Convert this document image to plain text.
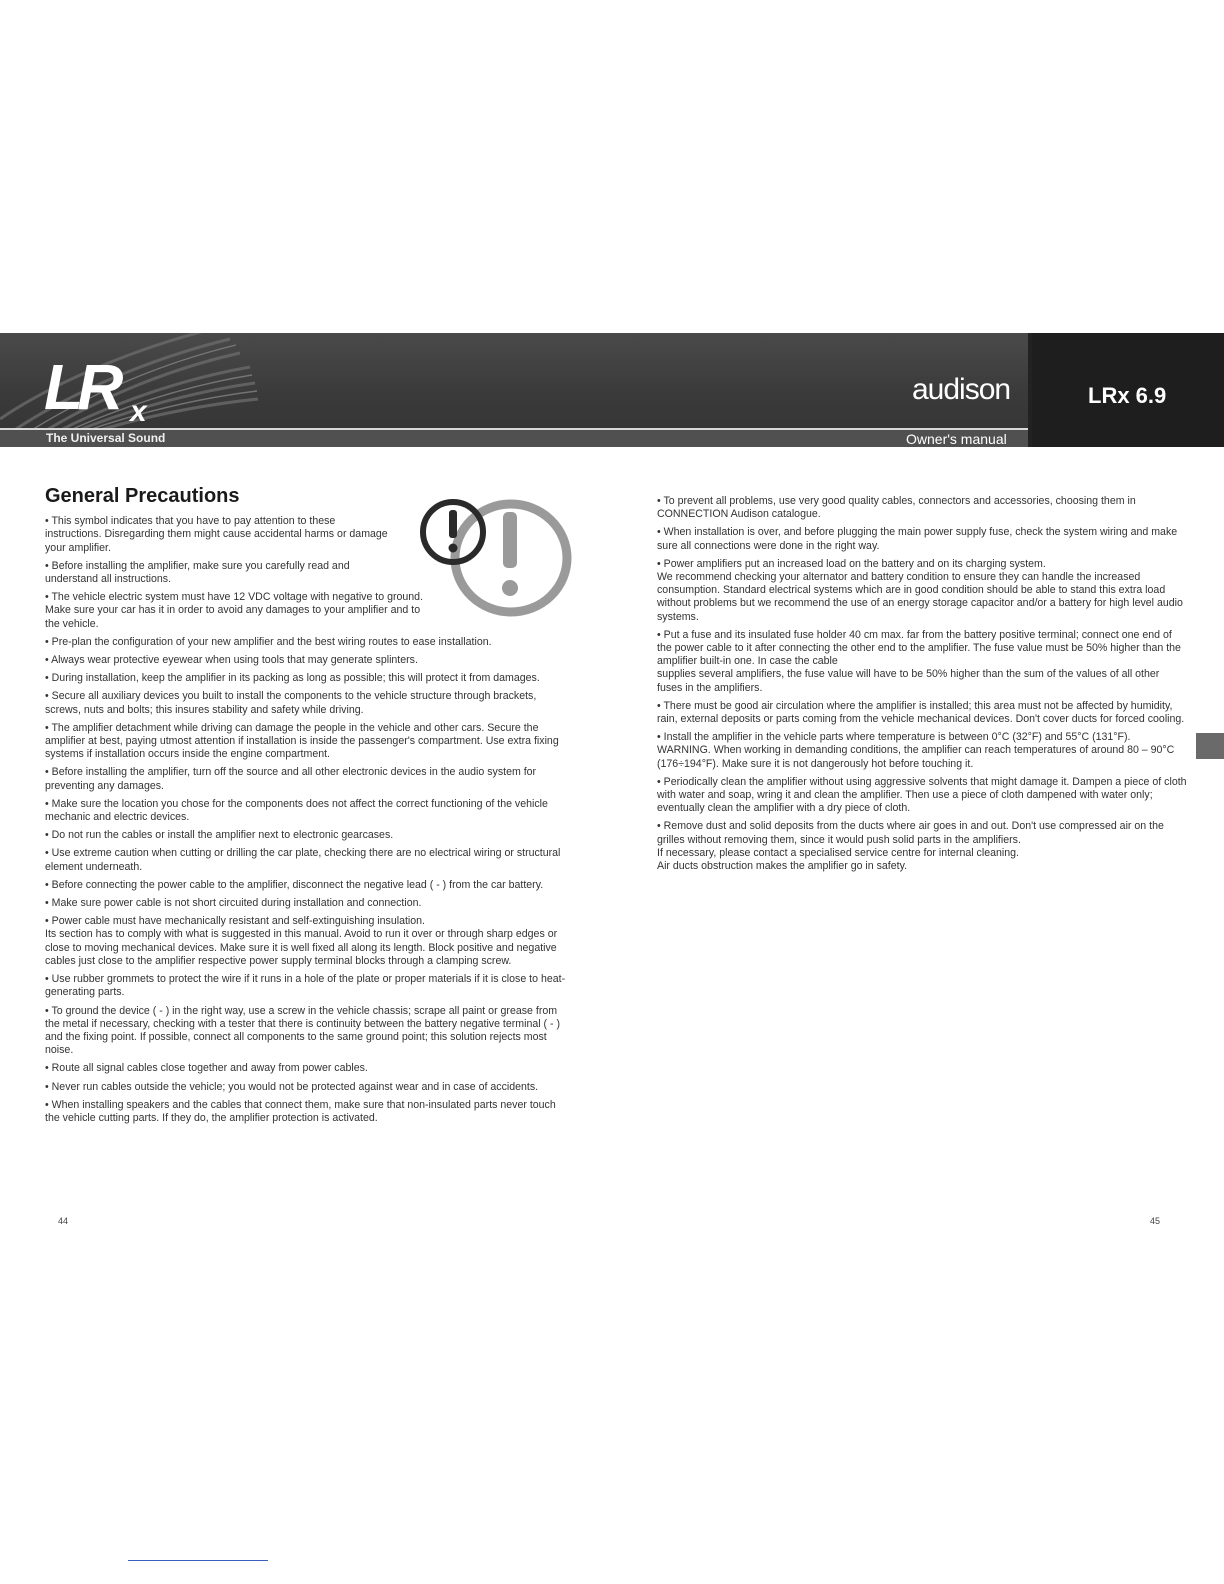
LR x
The Universal Sound
audison
Owner's manual
LRx 6.9
General Precautions
• This symbol indicates that you have to pay attention to these instructions. Disregarding them might cause accidental harms or damage your amplifier.
• Before installing the amplifier, make sure you carefully read and understand all instructions.
• The vehicle electric system must have 12 VDC voltage with negative to ground. Make sure your car has it in order to avoid any damages to your amplifier and to the vehicle.
• Pre-plan the configuration of your new amplifier and the best wiring routes to ease installation.
• Always wear protective eyewear when using tools that may generate splinters.
• During installation, keep the amplifier in its packing as long as possible; this will protect it from damages.
• Secure all auxiliary devices you built to install the components to the vehicle structure through brackets, screws, nuts and bolts; this insures stability and safety while driving.
• The amplifier detachment while driving can damage the people in the vehicle and other cars. Secure the amplifier at best, paying utmost attention if installation is inside the passenger's compartment. Use extra fixing systems if installation occurs inside the engine compartment.
• Before installing the amplifier, turn off the source and all other electronic devices in the audio system for preventing any damages.
• Make sure the location you chose for the components does not affect the correct functioning of the vehicle mechanic and electric devices.
• Do not run the cables or install the amplifier next to electronic gearcases.
• Use extreme caution when cutting or drilling the car plate, checking there are no electrical wiring or structural element underneath.
• Before connecting the power cable to the amplifier, disconnect the negative lead ( - ) from the car battery.
• Make sure power cable is not short circuited during installation and connection.
• Power cable must have mechanically resistant and self-extinguishing insulation.
Its section has to comply with what is suggested in this manual. Avoid to run it over or through sharp edges or close to moving mechanical devices. Make sure it is well fixed all along its length. Block positive and negative cables just close to the amplifier respective power supply terminal blocks through a clamping screw.
• Use rubber grommets to protect the wire if it runs in a hole of the plate or proper materials if it is close to heat-generating parts.
• To ground the device ( - ) in the right way, use a screw in the vehicle chassis; scrape all paint or grease from the metal if necessary, checking with a tester that there is continuity between the battery negative terminal ( - ) and the fixing point. If possible, connect all components to the same ground point; this solution rejects most noise.
• Route all signal cables close together and away from power cables.
• Never run cables outside the vehicle; you would not be protected against wear and in case of accidents.
• When installing speakers and the cables that connect them, make sure that non-insulated parts never touch the vehicle cutting parts. If they do, the amplifier protection is activated.
• To prevent all problems, use very good quality cables, connectors and accessories, choosing them in CONNECTION Audison catalogue.
• When installation is over, and before plugging the main power supply fuse, check the system wiring and make sure all connections were done in the right way.
• Power amplifiers put an increased load on the battery and on its charging system.
We recommend checking your alternator and battery condition to ensure they can handle the increased consumption. Standard electrical systems which are in good condition should be able to stand this extra load without problems but we recommend the use of an energy storage capacitor and/or a battery for high level audio systems.
• Put a fuse and its insulated fuse holder 40 cm max. far from the battery positive terminal; connect one end of the power cable to it after connecting the other end to the amplifier. The fuse value must be 50% higher than the amplifier built-in one. In case the cable
supplies several amplifiers, the fuse value will have to be 50% higher than the sum of the values of all other fuses in the amplifiers.
• There must be good air circulation where the amplifier is installed; this area must not be affected by humidity, rain, external deposits or parts coming from the vehicle mechanical devices. Don't cover ducts for forced cooling.
• Install the amplifier in the vehicle parts where temperature is between 0°C (32°F) and 55°C (131°F).
WARNING. When working in demanding conditions, the amplifier can reach temperatures of around 80 – 90°C (176÷194°F). Make sure it is not dangerously hot before touching it.
• Periodically clean the amplifier without using aggressive solvents that might damage it. Dampen a piece of cloth with water and soap, wring it and clean the amplifier. Then use a piece of cloth dampened with water only; eventually clean the amplifier with a dry piece of cloth.
• Remove dust and solid deposits from the ducts where air goes in and out. Don't use compressed air on the grilles without removing them, since it would push solid parts in the amplifiers.
If necessary, please contact a specialised service centre for internal cleaning.
Air ducts obstruction makes the amplifier go in safety.
44	45
